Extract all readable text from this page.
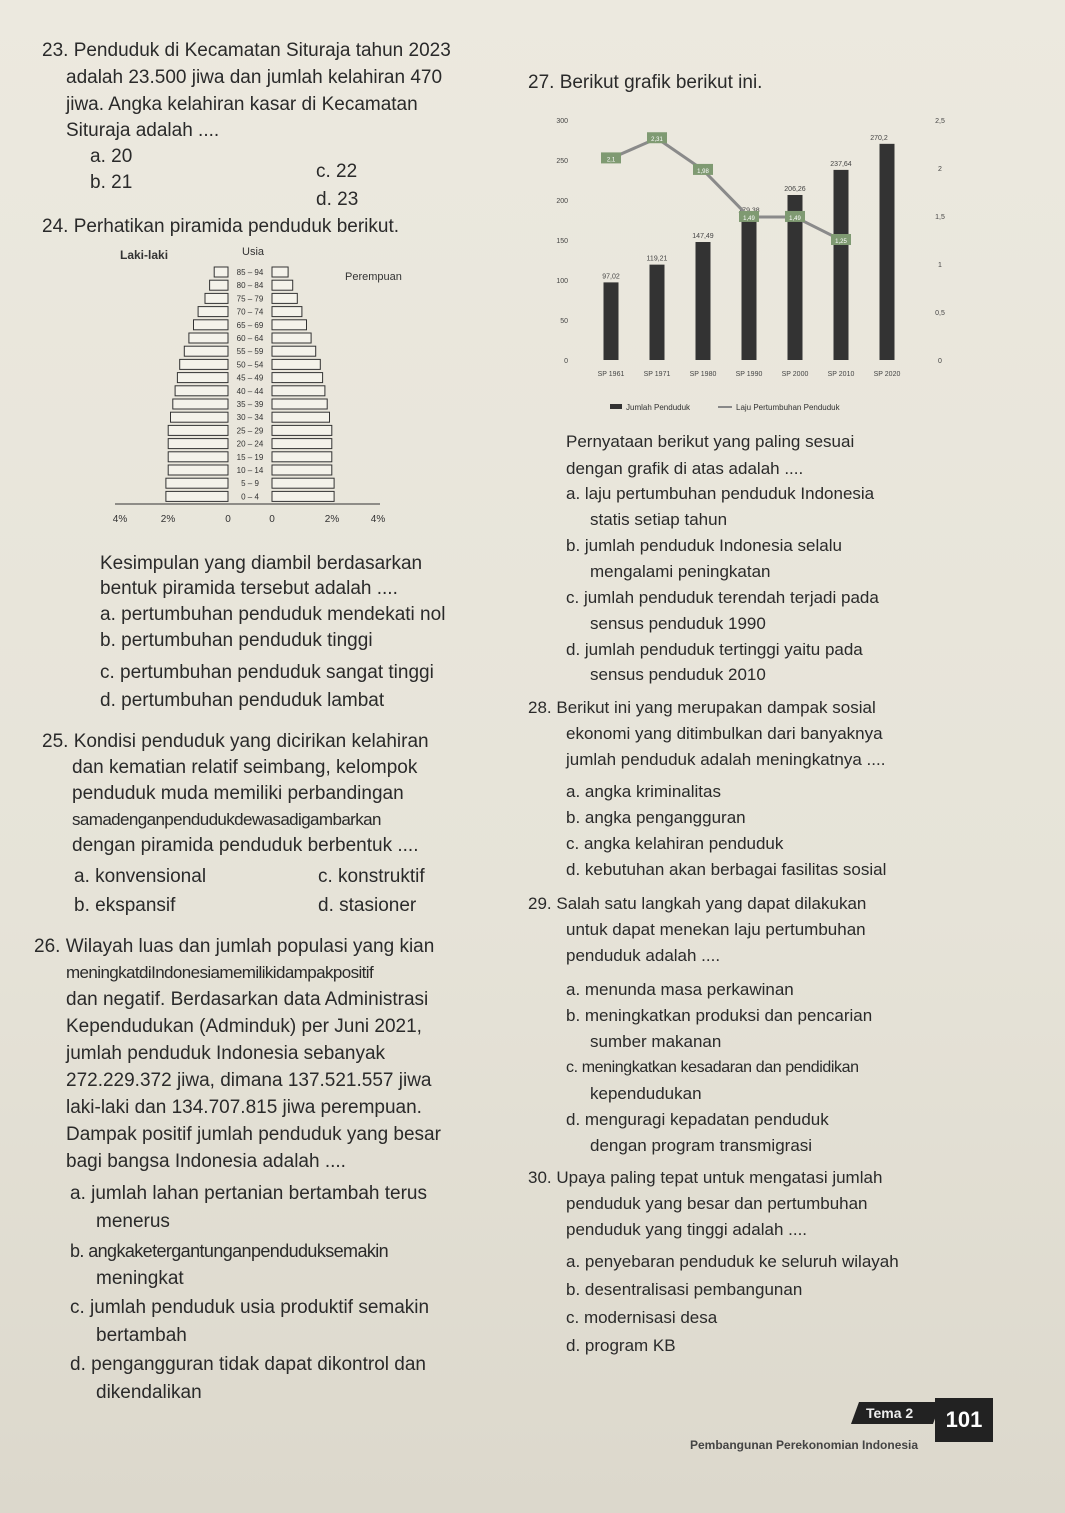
23. Penduduk di Kecamatan Situraja tahun 2023
adalah 23.500 jiwa dan jumlah kelahiran 470
jiwa. Angka kelahiran kasar di Kecamatan
Situraja adalah ....
a. 20
b. 21
c. 22
d. 23
24. Perhatikan piramida penduduk berikut.
Laki-laki	Usia
Perempuan
85 – 94
80 – 84
75 – 79
70 – 74
65 – 69
60 – 64
55 – 59
50 – 54
45 – 49
40 – 44
35 – 39
30 – 34
25 – 29
20 – 24
15 – 19
10 – 14
5 – 9
0 – 4
4%	2%	0	0	2%	4%
Kesimpulan yang diambil berdasarkan
bentuk piramida tersebut adalah ....
a. pertumbuhan penduduk mendekati nol
b. pertumbuhan penduduk tinggi
c. pertumbuhan penduduk sangat tinggi
d. pertumbuhan penduduk lambat
25. Kondisi penduduk yang dicirikan kelahiran
dan kematian relatif seimbang, kelompok
penduduk muda memiliki perbandingan
samadenganpendudukdewasadigambarkan
dengan piramida penduduk berbentuk ....
a. konvensional
b. ekspansif
c. konstruktif
d. stasioner
26. Wilayah luas dan jumlah populasi yang kian
meningkatdiIndonesiamemilikidampakpositif
dan negatif. Berdasarkan data Administrasi
Kependudukan (Adminduk) per Juni 2021,
jumlah penduduk Indonesia sebanyak
272.229.372 jiwa, dimana 137.521.557 jiwa
laki-laki dan 134.707.815 jiwa perempuan.
Dampak positif jumlah penduduk yang besar
bagi bangsa Indonesia adalah ....
a. jumlah lahan pertanian bertambah terus
menerus
b. angkaketergantunganpenduduksemakin
meningkat
c. jumlah penduduk usia produktif semakin
bertambah
d. pengangguran tidak dapat dikontrol dan
dikendalikan
27. Berikut grafik berikut ini.
300
250
200
150
100
50
0
2,5
2
1,5
1
0,5
0
97,02
119,21
147,49
206,26
237,64
270,2
2,1
2,31
1,98
1,49	1,49
1,25
SP 1961	SP 1971	SP 1980	SP 1990	SP 2000	SP 2010	SP 2020
Jumlah Penduduk	Laju Pertumbuhan Penduduk
Pernyataan berikut yang paling sesuai
dengan grafik di atas adalah ....
a. laju pertumbuhan penduduk Indonesia
statis setiap tahun
b. jumlah penduduk Indonesia selalu
mengalami peningkatan
c. jumlah penduduk terendah terjadi pada
sensus penduduk 1990
d. jumlah penduduk tertinggi yaitu pada
sensus penduduk 2010
28. Berikut ini yang merupakan dampak sosial
ekonomi yang ditimbulkan dari banyaknya
jumlah penduduk adalah meningkatnya ....
a. angka kriminalitas
b. angka pengangguran
c. angka kelahiran penduduk
d. kebutuhan akan berbagai fasilitas sosial
29. Salah satu langkah yang dapat dilakukan
untuk dapat menekan laju pertumbuhan
penduduk adalah ....
a. menunda masa perkawinan
b. meningkatkan produksi dan pencarian
sumber makanan
c. meningkatkan kesadaran dan pendidikan
kependudukan
d. menguragi kepadatan penduduk
dengan program transmigrasi
30. Upaya paling tepat untuk mengatasi jumlah
penduduk yang besar dan pertumbuhan
penduduk yang tinggi adalah ....
a. penyebaran penduduk ke seluruh wilayah
b. desentralisasi pembangunan
c. modernisasi desa
d. program KB
Tema 2
Pembangunan Perekonomian Indonesia
101
